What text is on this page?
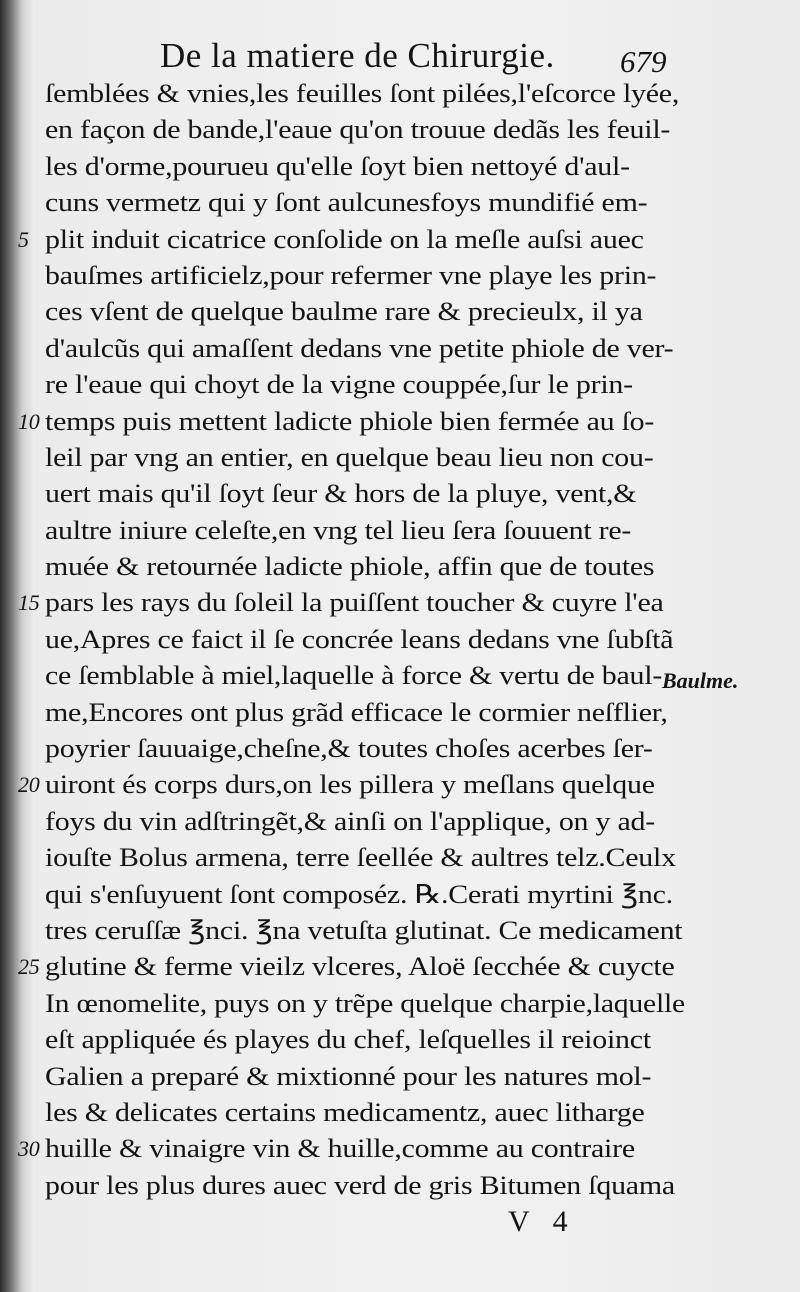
De la matiere de Chirurgie. 679
ſemblées & vnies,les feuilles ſont pilées,l'eſcorce lyée,
en façon de bande,l'eaue qu'on trouue dedãs les feuil-
les d'orme,pourueu qu'elle ſoyt bien nettoyé d'aul-
cuns vermetz qui y ſont aulcunesfoys mundifié em-
5 plit induit cicatrice conſolide on la meſle auſsi auec
bauſmes artificielz,pour refermer vne playe les prin-
ces vſent de quelque baulme rare & precieulx, il ya
d'aulcũs qui amaſſent dedans vne petite phiole de ver-
re l'eaue qui choyt de la vigne couppée,ſur le prin-
10 temps puis mettent ladicte phiole bien fermée au ſo-
leil par vng an entier, en quelque beau lieu non cou-
uert mais qu'il ſoyt ſeur & hors de la pluye, vent,&
aultre iniure celeſte,en vng tel lieu ſera ſouuent re-
muée & retournée ladicte phiole, affin que de toutes
15 pars les rays du ſoleil la puiſſent toucher & cuyre l'ea
ue,Apres ce faict il ſe concrée leans dedans vne ſubſtã
ce ſemblable à miel,laquelle à force & vertu de baul-
me,Encores ont plus grãd efficace le cormier neſflier,
poyrier ſauuaige,cheſne,& toutes choſes acerbes ſer-
20 uiront és corps durs,on les pillera y meſlans quelque
foys du vin adſtringẽt,& ainſi on l'applique, on y ad-
iouſte Bolus armena, terre ſeellée & aultres telz.Ceulx
qui s'enſuyuent ſont composéz. ℞.Cerati myrtini ℥nc.
tres ceruſſæ ℥nci. ℥na vetuſta glutinat. Ce medicament
25 glutine & ferme vieilz vlceres, Aloë ſecchée & cuycte
In œnomelite, puys on y trẽpe quelque charpie,laquelle
eſt appliquée és playes du chef, leſquelles il reioinct
Galien a preparé & mixtionné pour les natures mol-
les & delicates certains medicamentz, auec litharge
30 huille & vinaigre vin & huille,comme au contraire
pour les plus dures auec verd de gris Bitumen ſquama
Baulme.
V 4
